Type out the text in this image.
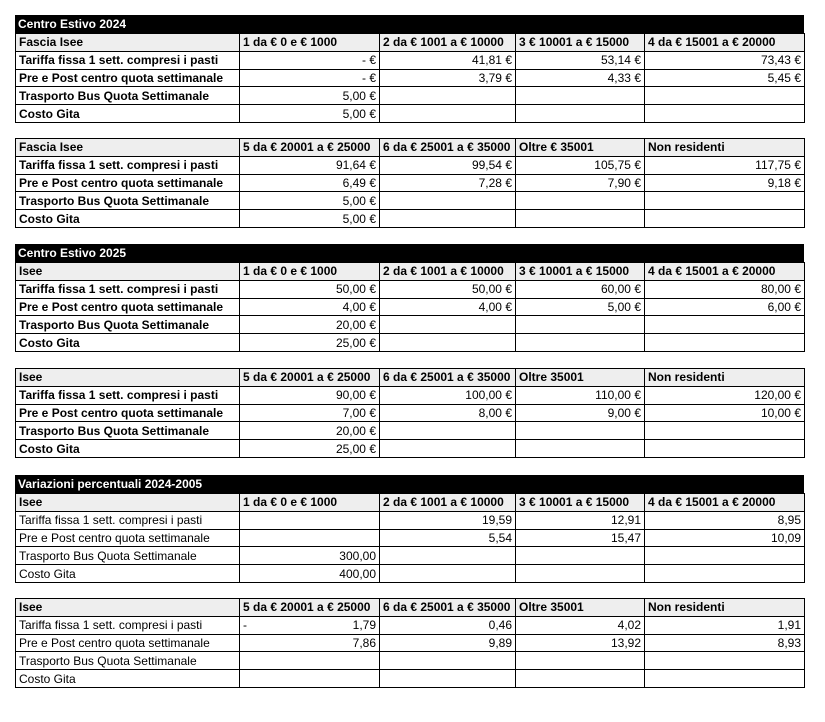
Centro Estivo 2024
Fascia Isee	1 da € 0 e € 1000	2 da € 1001 a € 10000	3 € 10001 a € 15000	4 da € 15001 a € 20000
Tariffa fissa 1 sett. compresi i pasti	- €	41,81 €	53,14 €	73,43 €
Pre e Post centro quota settimanale	- €	3,79 €	4,33 €	5,45 €
Trasporto Bus Quota Settimanale	5,00 €			
Costo Gita	5,00 €			
Fascia Isee	5 da € 20001 a € 25000	6 da € 25001 a € 35000	Oltre € 35001	Non residenti
Tariffa fissa 1 sett. compresi i pasti	91,64 €	99,54 €	105,75 €	117,75 €
Pre e Post centro quota settimanale	6,49 €	7,28 €	7,90 €	9,18 €
Trasporto Bus Quota Settimanale	5,00 €			
Costo Gita	5,00 €			
Centro Estivo 2025
Isee	1 da € 0 e € 1000	2 da € 1001 a € 10000	3 € 10001 a € 15000	4 da € 15001 a € 20000
Tariffa fissa 1 sett. compresi i pasti	50,00 €	50,00 €	60,00 €	80,00 €
Pre e Post centro quota settimanale	4,00 €	4,00 €	5,00 €	6,00 €
Trasporto Bus Quota Settimanale	20,00 €			
Costo Gita	25,00 €			
Isee	5 da € 20001 a € 25000	6 da € 25001 a € 35000	Oltre 35001	Non residenti
Tariffa fissa 1 sett. compresi i pasti	90,00 €	100,00 €	110,00 €	120,00 €
Pre e Post centro quota settimanale	7,00 €	8,00 €	9,00 €	10,00 €
Trasporto Bus Quota Settimanale	20,00 €			
Costo Gita	25,00 €			
Variazioni percentuali 2024-2005
Isee	1 da € 0 e € 1000	2 da € 1001 a € 10000	3 € 10001 a € 15000	4 da € 15001 a € 20000
Tariffa fissa 1 sett. compresi i pasti		19,59	12,91	8,95
Pre e Post centro quota settimanale		5,54	15,47	10,09
Trasporto Bus Quota Settimanale	300,00			
Costo Gita	400,00			
Isee	5 da € 20001 a € 25000	6 da € 25001 a € 35000	Oltre 35001	Non residenti
Tariffa fissa 1 sett. compresi i pasti	- 1,79	0,46	4,02	1,91
Pre e Post centro quota settimanale	7,86	9,89	13,92	8,93
Trasporto Bus Quota Settimanale				
Costo Gita				
